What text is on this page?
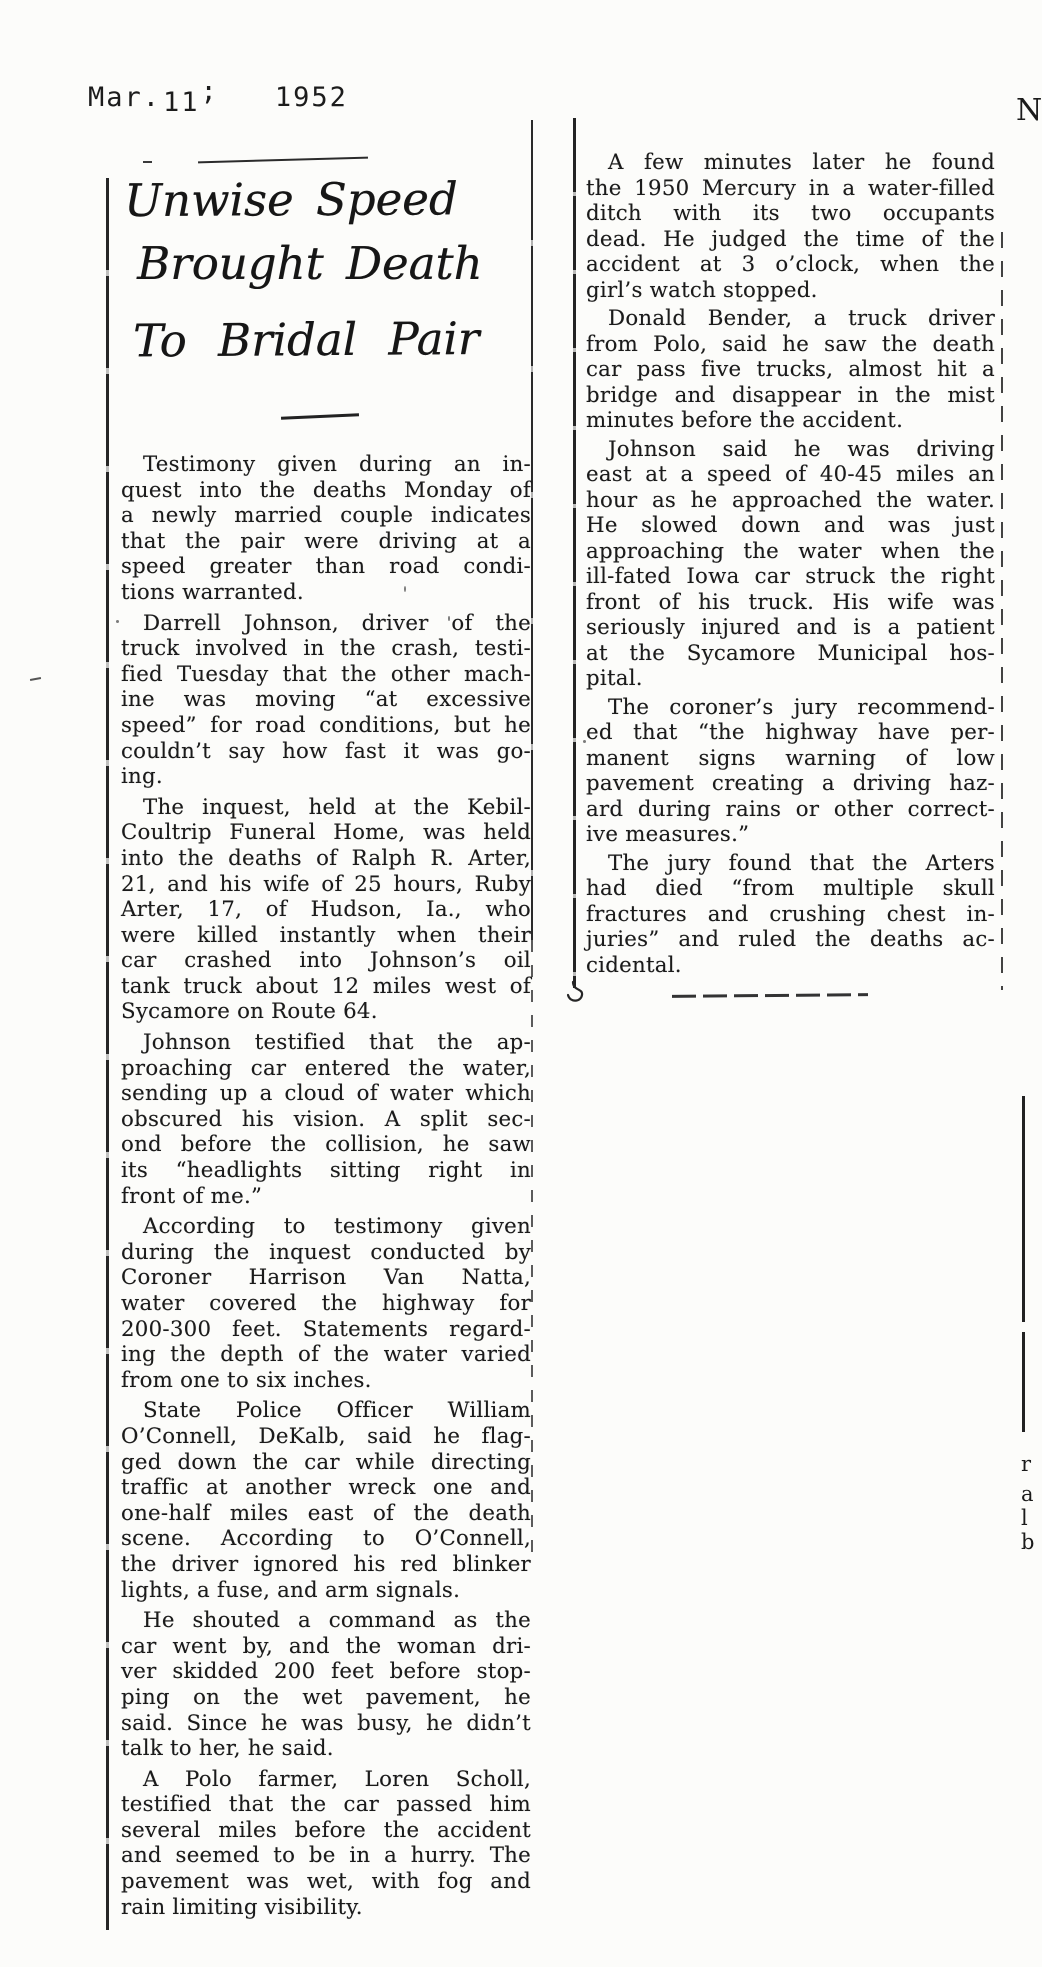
Mar.11; 1952	N
Unwise Speed
Brought Death
To Bridal Pair
Testimony given during an in-
quest into the deaths Monday of
a newly married couple indicates
that the pair were driving at a
speed greater than road condi-
tions warranted.
Darrell Johnson, driver of the
truck involved in the crash, testi-
fied Tuesday that the other mach-
ine was moving “at excessive
speed” for road conditions, but he
couldn’t say how fast it was go-
ing.
The inquest, held at the Kebil-
Coultrip Funeral Home, was held
into the deaths of Ralph R. Arter,
21, and his wife of 25 hours, Ruby
Arter, 17, of Hudson, Ia., who
were killed instantly when their
car crashed into Johnson’s oil
tank truck about 12 miles west of
Sycamore on Route 64.
Johnson testified that the ap-
proaching car entered the water,
sending up a cloud of water which
obscured his vision. A split sec-
ond before the collision, he saw
its “headlights sitting right in
front of me.”
According to testimony given
during the inquest conducted by
Coroner Harrison Van Natta,
water covered the highway for
200-300 feet. Statements regard-
ing the depth of the water varied
from one to six inches.
State Police Officer William
O’Connell, DeKalb, said he flag-
ged down the car while directing
traffic at another wreck one and
one-half miles east of the death
scene. According to O’Connell,
the driver ignored his red blinker
lights, a fuse, and arm signals.
He shouted a command as the
car went by, and the woman dri-
ver skidded 200 feet before stop-
ping on the wet pavement, he
said. Since he was busy, he didn’t
talk to her, he said.
A Polo farmer, Loren Scholl,
testified that the car passed him
several miles before the accident
and seemed to be in a hurry. The
pavement was wet, with fog and
rain limiting visibility.
A few minutes later he found
the 1950 Mercury in a water-filled
ditch with its two occupants
dead. He judged the time of the
accident at 3 o’clock, when the
girl’s watch stopped.
Donald Bender, a truck driver
from Polo, said he saw the death
car pass five trucks, almost hit a
bridge and disappear in the mist
minutes before the accident.
Johnson said he was driving
east at a speed of 40-45 miles an
hour as he approached the water.
He slowed down and was just
approaching the water when the
ill-fated Iowa car struck the right
front of his truck. His wife was
seriously injured and is a patient
at the Sycamore Municipal hos-
pital.
The coroner’s jury recommend-
ed that “the highway have per-
manent signs warning of low
pavement creating a driving haz-
ard during rains or other correct-
ive measures.”
The jury found that the Arters
had died “from multiple skull
fractures and crushing chest in-
juries” and ruled the deaths ac-
cidental.
r
a
l
b
